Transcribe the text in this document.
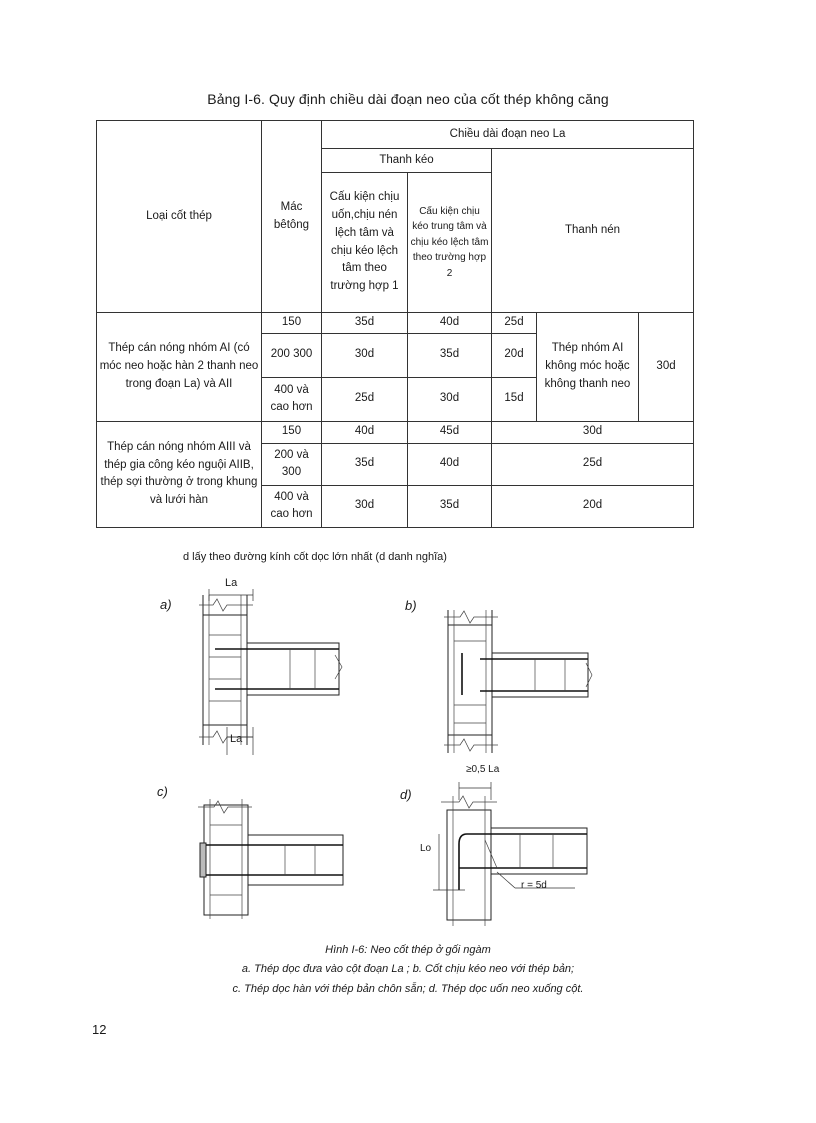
Bảng I-6. Quy định chiều dài đoạn neo của cốt thép không căng
Loại cốt thép	Mác bêtông	Chiều dài đoạn neo La				
		Thanh kéo		Thanh nén		
		Cấu kiện chịu uốn,chịu nén lệch tâm và chịu kéo lệch tâm theo trường hợp 1	Cấu kiện chịu kéo trung tâm và chịu kéo lệch tâm theo trường hợp 2			
Thép cán nóng nhóm AI (có móc neo hoặc hàn 2 thanh neo trong đoạn La) và AII	150	35d	40d	25d	Thép nhóm AI không móc hoặc không thanh neo	30d
	200 300	30d	35d	20d		
	400 và cao hơn	25d	30d	15d		
Thép cán nóng nhóm AIII và thép gia công kéo nguội AIIB, thép sợi thường ở trong khung và lưới hàn	150	40d	45d	30d		
	200 và 300	35d	40d	25d		
	400 và cao hơn	30d	35d	20d		
d lấy theo đường kính cốt dọc lớn nhất (d danh nghĩa)
a)	b)
c)	d)
La
La
≥0,5 La
Lo
r = 5d
Hình I-6: Neo cốt thép ở gối ngàm
a. Thép dọc đưa vào cột đoạn La ; b. Cốt chịu kéo neo với thép bản;
c. Thép dọc hàn với thép bản chôn sẵn; d. Thép dọc uốn neo xuống cột.
12
